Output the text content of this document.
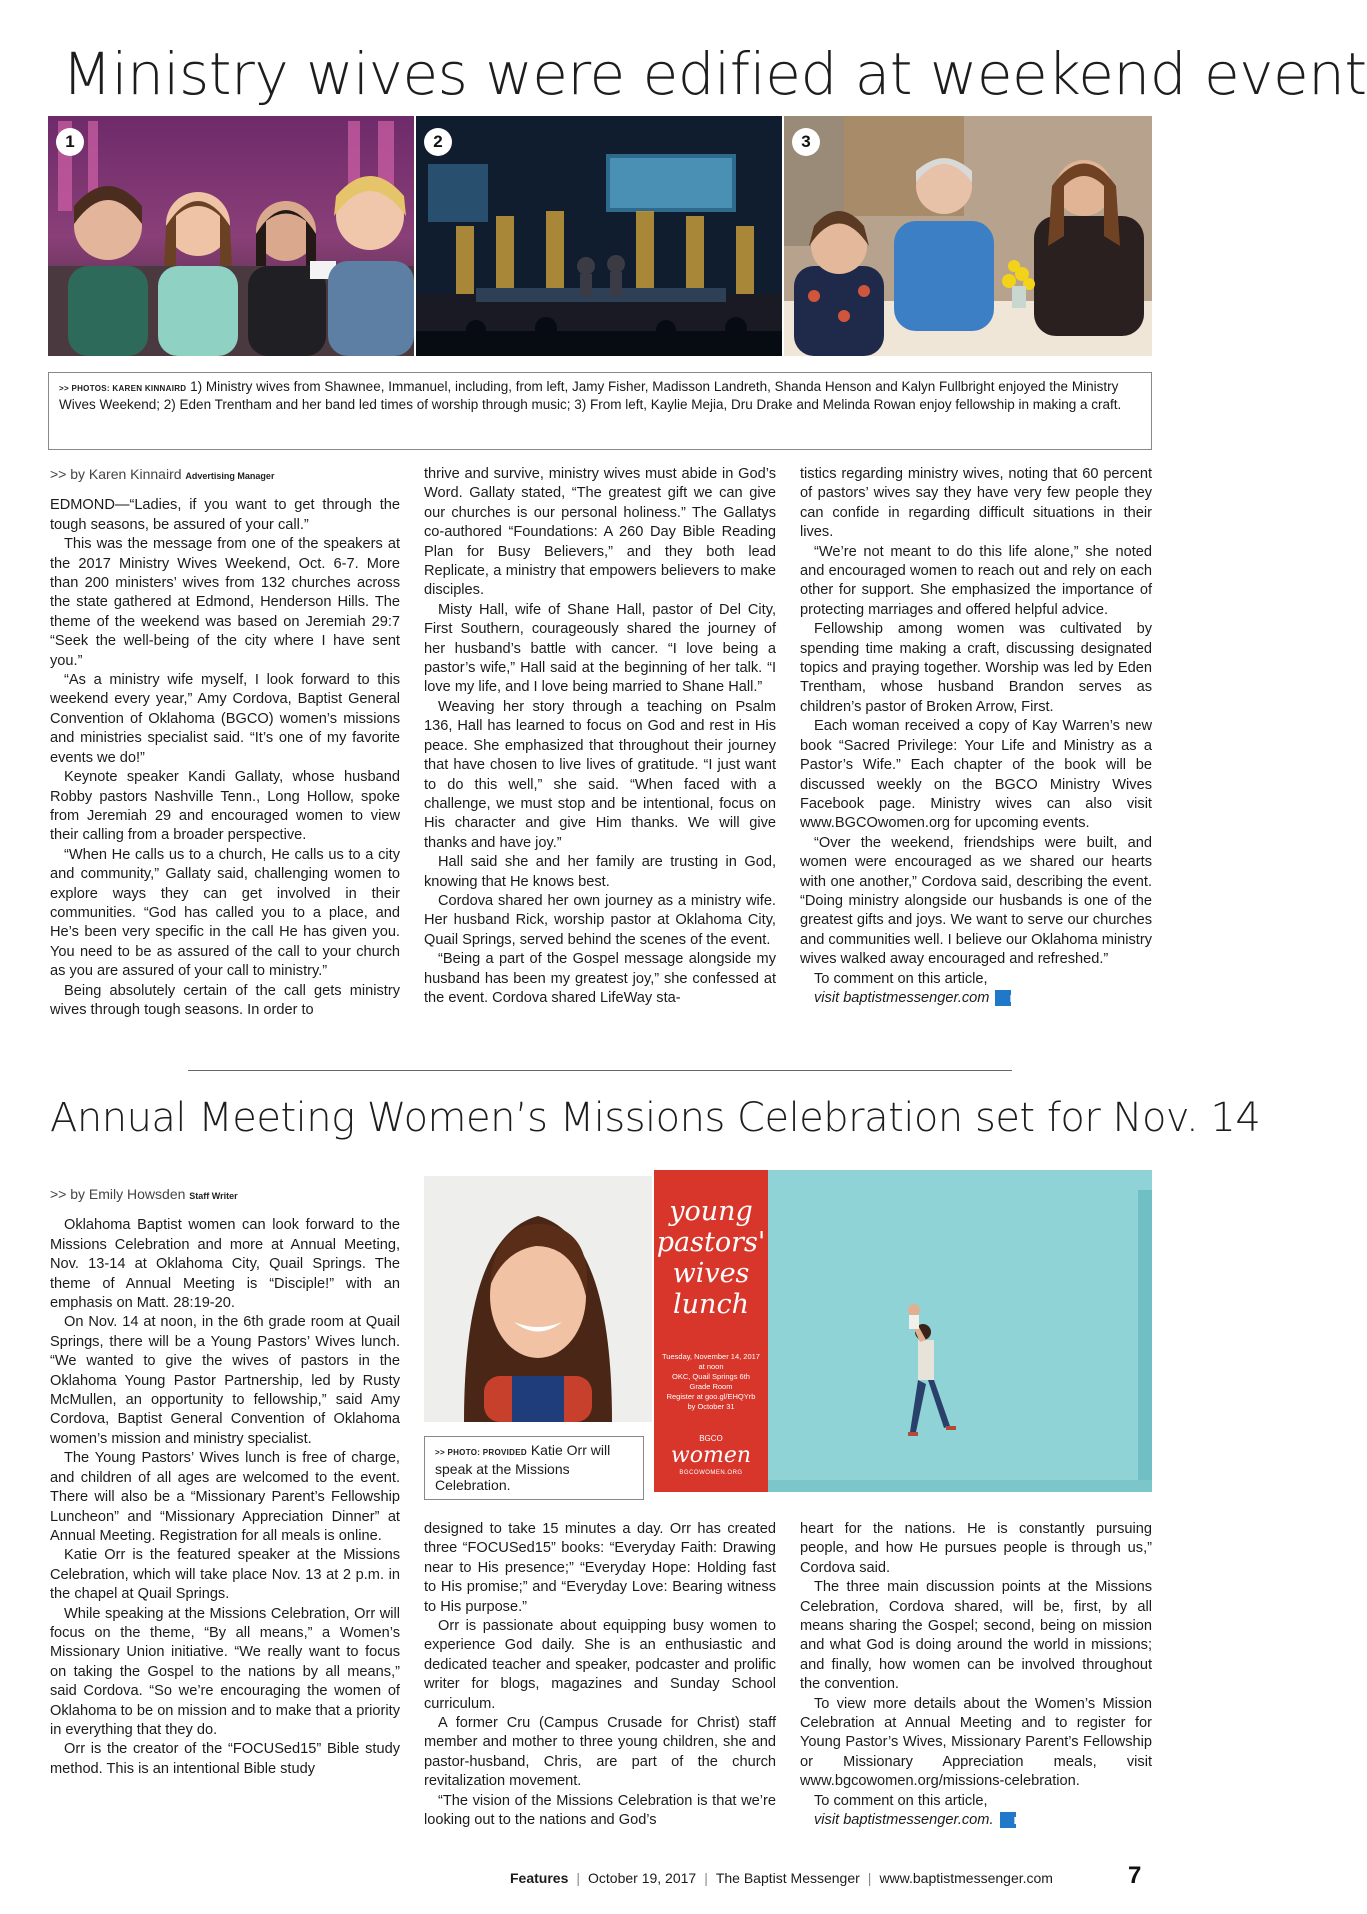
Ministry wives were edified at weekend event
1	2	3
>> PHOTOS: KAREN KINNAIRD 1) Ministry wives from Shawnee, Immanuel, including, from left, Jamy Fisher, Madisson Landreth, Shanda Henson and Kalyn Fullbright enjoyed the Ministry Wives Weekend; 2) Eden Trentham and her band led times of worship through music; 3) From left, Kaylie Mejia, Dru Drake and Melinda Rowan enjoy fellowship in making a craft.
>> by Karen Kinnaird Advertising Manager

EDMOND—“Ladies, if you want to get through the tough seasons, be assured of your call.”

This was the message from one of the speakers at the 2017 Ministry Wives Weekend, Oct. 6-7. More than 200 ministers’ wives from 132 churches across the state gathered at Edmond, Henderson Hills. The theme of the weekend was based on Jeremiah 29:7 “Seek the well-being of the city where I have sent you.”

“As a ministry wife myself, I look forward to this weekend every year,” Amy Cordova, Baptist General Convention of Oklahoma (BGCO) women’s missions and ministries specialist said. “It’s one of my favorite events we do!”

Keynote speaker Kandi Gallaty, whose husband Robby pastors Nashville Tenn., Long Hollow, spoke from Jeremiah 29 and encouraged women to view their calling from a broader perspective.

“When He calls us to a church, He calls us to a city and community,” Gallaty said, challenging women to explore ways they can get involved in their communities. “God has called you to a place, and He’s been very specific in the call He has given you. You need to be as assured of the call to your church as you are assured of your call to ministry.”

Being absolutely certain of the call gets ministry wives through tough seasons. In order to

thrive and survive, ministry wives must abide in God’s Word. Gallaty stated, “The greatest gift we can give our churches is our personal holiness.” The Gallatys co-authored “Foundations: A 260 Day Bible Reading Plan for Busy Believers,” and they both lead Replicate, a ministry that empowers believers to make disciples.

Misty Hall, wife of Shane Hall, pastor of Del City, First Southern, courageously shared the journey of her husband’s battle with cancer. “I love being a pastor’s wife,” Hall said at the beginning of her talk. “I love my life, and I love being married to Shane Hall.”

Weaving her story through a teaching on Psalm 136, Hall has learned to focus on God and rest in His peace. She emphasized that throughout their journey that have chosen to live lives of gratitude. “I just want to do this well,” she said. “When faced with a challenge, we must stop and be intentional, focus on His character and give Him thanks. We will give thanks and have joy.”

Hall said she and her family are trusting in God, knowing that He knows best.

Cordova shared her own journey as a ministry wife. Her husband Rick, worship pastor at Oklahoma City, Quail Springs, served behind the scenes of the event.

“Being a part of the Gospel message alongside my husband has been my greatest joy,” she confessed at the event. Cordova shared LifeWay sta-

tistics regarding ministry wives, noting that 60 percent of pastors’ wives say they have very few people they can confide in regarding difficult situations in their lives.

“We’re not meant to do this life alone,” she noted and encouraged women to reach out and rely on each other for support. She emphasized the importance of protecting marriages and offered helpful advice.

Fellowship among women was cultivated by spending time making a craft, discussing designated topics and praying together. Worship was led by Eden Trentham, whose husband Brandon serves as children’s pastor of Broken Arrow, First.

Each woman received a copy of Kay Warren’s new book “Sacred Privilege: Your Life and Ministry as a Pastor’s Wife.” Each chapter of the book will be discussed weekly on the BGCO Ministry Wives Facebook page. Ministry wives can also visit www.BGCOwomen.org for upcoming events.

“Over the weekend, friendships were built, and women were encouraged as we shared our hearts with one another,” Cordova said, describing the event. “Doing ministry alongside our husbands is one of the greatest gifts and joys. We want to serve our churches and communities well. I believe our Oklahoma ministry wives walked away encouraged and refreshed.”

To comment on this article,

visit baptistmessenger.com m

Annual Meeting Women’s Missions Celebration set for Nov. 14
>> PHOTO: PROVIDED Katie Orr will speak at the Missions Celebration.
young
pastors'
wives
lunch
Tuesday, November 14, 2017
at noon
OKC, Quail Springs 6th
Grade Room
Register at goo.gl/EHQYrb
by October 31
BGCO
women
BGCOWOMEN.ORG
>> by Emily Howsden Staff Writer

Oklahoma Baptist women can look forward to the Missions Celebration and more at Annual Meeting, Nov. 13-14 at Oklahoma City, Quail Springs. The theme of Annual Meeting is “Disciple!” with an emphasis on Matt. 28:19-20.

On Nov. 14 at noon, in the 6th grade room at Quail Springs, there will be a Young Pastors’ Wives lunch. “We wanted to give the wives of pastors in the Oklahoma Young Pastor Partnership, led by Rusty McMullen, an opportunity to fellowship,” said Amy Cordova, Baptist General Convention of Oklahoma women’s mission and ministry specialist.

The Young Pastors’ Wives lunch is free of charge, and children of all ages are welcomed to the event. There will also be a “Missionary Parent’s Fellowship Luncheon” and “Missionary Appreciation Dinner” at Annual Meeting. Registration for all meals is online.

Katie Orr is the featured speaker at the Missions Celebration, which will take place Nov. 13 at 2 p.m. in the chapel at Quail Springs.

While speaking at the Missions Celebration, Orr will focus on the theme, “By all means,” a Women’s Missionary Union initiative. “We really want to focus on taking the Gospel to the nations by all means,” said Cordova. “So we’re encouraging the women of Oklahoma to be on mission and to make that a priority in everything that they do.

Orr is the creator of the “FOCUSed15” Bible study method. This is an intentional Bible study

designed to take 15 minutes a day. Orr has created three “FOCUSed15” books: “Everyday Faith: Drawing near to His presence;” “Everyday Hope: Holding fast to His promise;” and “Everyday Love: Bearing witness to His purpose.”

Orr is passionate about equipping busy women to experience God daily. She is an enthusiastic and dedicated teacher and speaker, podcaster and prolific writer for blogs, magazines and Sunday School curriculum.

A former Cru (Campus Crusade for Christ) staff member and mother to three young children, she and pastor-husband, Chris, are part of the church revitalization movement.

“The vision of the Missions Celebration is that we’re looking out to the nations and God’s

heart for the nations. He is constantly pursuing people, and how He pursues people is through us,” Cordova said.

The three main discussion points at the Missions Celebration, Cordova shared, will be, first, by all means sharing the Gospel; second, being on mission and what God is doing around the world in missions; and finally, how women can be involved throughout the convention.

To view more details about the Women’s Mission Celebration at Annual Meeting and to register for Young Pastor’s Wives, Missionary Parent’s Fellowship or Missionary Appreciation meals, visit www.bgcowomen.org/missions-celebration.

To comment on this article,

visit baptistmessenger.com. m

Features | October 19, 2017 | The Baptist Messenger | www.baptistmessenger.com	7
